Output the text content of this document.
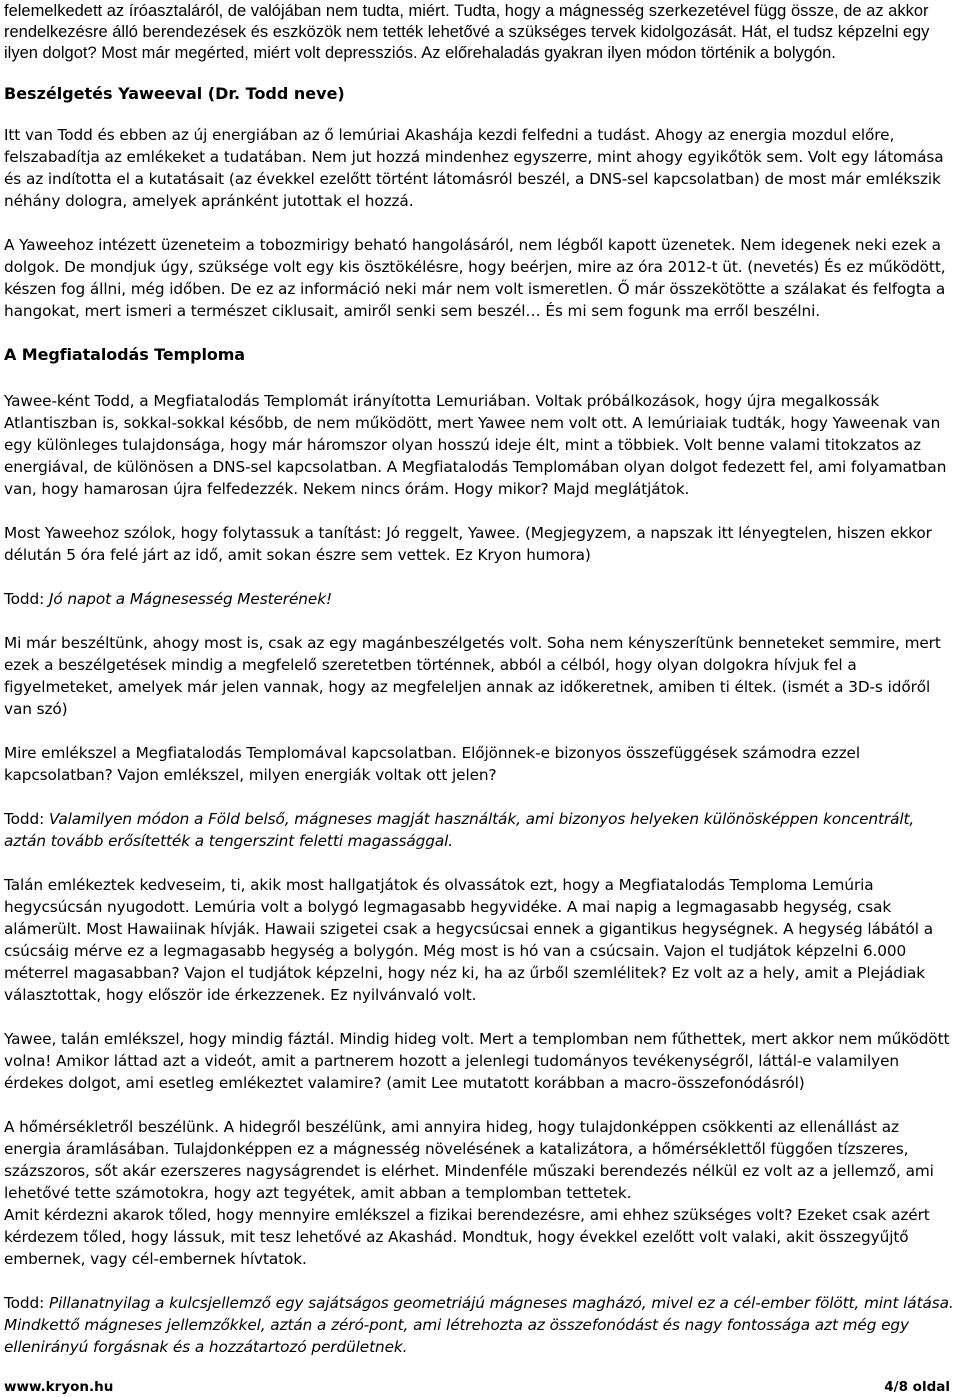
felemelkedett az íróasztaláról, de valójában nem tudta, miért. Tudta, hogy a mágnesség szerkezetével függ össze, de az akkor rendelkezésre álló berendezések és eszközök nem tették lehetővé a szükséges tervek kidolgozását. Hát, el tudsz képzelni egy ilyen dolgot? Most már megérted, miért volt depressziós. Az előrehaladás gyakran ilyen módon történik a bolygón.

Beszélgetés Yaweeval (Dr. Todd neve)

Itt van Todd és ebben az új energiában az ő lemúriai Akashája kezdi felfedni a tudást. Ahogy az energia mozdul előre, felszabadítja az emlékeket a tudatában. Nem jut hozzá mindenhez egyszerre, mint ahogy egyikőtök sem. Volt egy látomása és az indította el a kutatásait (az évekkel ezelőtt történt látomásról beszél, a DNS-sel kapcsolatban) de most már emlékszik néhány dologra, amelyek apránként jutottak el hozzá.

A Yaweehoz intézett üzeneteim a tobozmirigy beható hangolásáról, nem légből kapott üzenetek. Nem idegenek neki ezek a dolgok. De mondjuk úgy, szüksége volt egy kis ösztökélésre, hogy beérjen, mire az óra 2012-t üt. (nevetés) És ez működött, készen fog állni, még időben. De ez az információ neki már nem volt ismeretlen. Ő már összekötötte a szálakat és felfogta a hangokat, mert ismeri a természet ciklusait, amiről senki sem beszél… És mi sem fogunk ma erről beszélni.

A Megfiatalodás Temploma

Yawee-ként Todd, a Megfiatalodás Templomát irányította Lemuriában. Voltak próbálkozások, hogy újra megalkossák Atlantiszban is, sokkal-sokkal később, de nem működött, mert Yawee nem volt ott. A lemúriaiak tudták, hogy Yaweenak van egy különleges tulajdonsága, hogy már háromszor olyan hosszú ideje élt, mint a többiek. Volt benne valami titokzatos az energiával, de különösen a DNS-sel kapcsolatban. A Megfiatalodás Templomában olyan dolgot fedezett fel, ami folyamatban van, hogy hamarosan újra felfedezzék. Nekem nincs órám. Hogy mikor? Majd meglátjátok.

Most Yaweehoz szólok, hogy folytassuk a tanítást: Jó reggelt, Yawee. (Megjegyzem, a napszak itt lényegtelen, hiszen ekkor délután 5 óra felé járt az idő, amit sokan észre sem vettek. Ez Kryon humora)

Todd: Jó napot a Mágnesesség Mesterének!

Mi már beszéltünk, ahogy most is, csak az egy magánbeszélgetés volt. Soha nem kényszerítünk benneteket semmire, mert ezek a beszélgetések mindig a megfelelő szeretetben történnek, abból a célból, hogy olyan dolgokra hívjuk fel a figyelmeteket, amelyek már jelen vannak, hogy az megfeleljen annak az időkeretnek, amiben ti éltek. (ismét a 3D-s időről van szó)

Mire emlékszel a Megfiatalodás Templomával kapcsolatban. Előjönnek-e bizonyos összefüggések számodra ezzel kapcsolatban? Vajon emlékszel, milyen energiák voltak ott jelen?

Todd: Valamilyen módon a Föld belső, mágneses magját használták, ami bizonyos helyeken különösképpen koncentrált, aztán tovább erősítették a tengerszint feletti magassággal.

Talán emlékeztek kedveseim, ti, akik most hallgatjátok és olvassátok ezt, hogy a Megfiatalodás Temploma Lemúria hegycsúcsán nyugodott. Lemúria volt a bolygó legmagasabb hegyvidéke. A mai napig a legmagasabb hegység, csak alámerült. Most Hawaiinak hívják. Hawaii szigetei csak a hegycsúcsai ennek a gigantikus hegységnek. A hegység lábától a csúcsáig mérve ez a legmagasabb hegység a bolygón. Még most is hó van a csúcsain. Vajon el tudjátok képzelni 6.000 méterrel magasabban? Vajon el tudjátok képzelni, hogy néz ki, ha az űrből szemlélitek? Ez volt az a hely, amit a Plejádiak választottak, hogy először ide érkezzenek. Ez nyilvánvaló volt.

Yawee, talán emlékszel, hogy mindig fáztál. Mindig hideg volt. Mert a templomban nem fűthettek, mert akkor nem működött volna! Amikor láttad azt a videót, amit a partnerem hozott a jelenlegi tudományos tevékenységről, láttál-e valamilyen érdekes dolgot, ami esetleg emlékeztet valamire? (amit Lee mutatott korábban a macro-összefonódásról)

A hőmérsékletről beszélünk. A hidegről beszélünk, ami annyira hideg, hogy tulajdonképpen csökkenti az ellenállást az energia áramlásában. Tulajdonképpen ez a mágnesség növelésének a katalizátora, a hőmérséklettől függően tízszeres, százszoros, sőt akár ezerszeres nagyságrendet is elérhet. Mindenféle műszaki berendezés nélkül ez volt az a jellemző, ami lehetővé tette számotokra, hogy azt tegyétek, amit abban a templomban tettetek.

Amit kérdezni akarok tőled, hogy mennyire emlékszel a fizikai berendezésre, ami ehhez szükséges volt? Ezeket csak azért kérdezem tőled, hogy lássuk, mit tesz lehetővé az Akashád. Mondtuk, hogy évekkel ezelőtt volt valaki, akit összegyűjtő embernek, vagy cél-embernek hívtatok.

Todd: Pillanatnyilag a kulcsjellemző egy sajátságos geometriájú mágneses magházó, mivel ez a cél-ember fölött, mint látása. Mindkettő mágneses jellemzőkkel, aztán a zéró-pont, ami létrehozta az összefonódást és nagy fontossága azt még egy ellenirányú forgásnak és a hozzátartozó perdületnek.

www.kryon.hu	4/8 oldal
